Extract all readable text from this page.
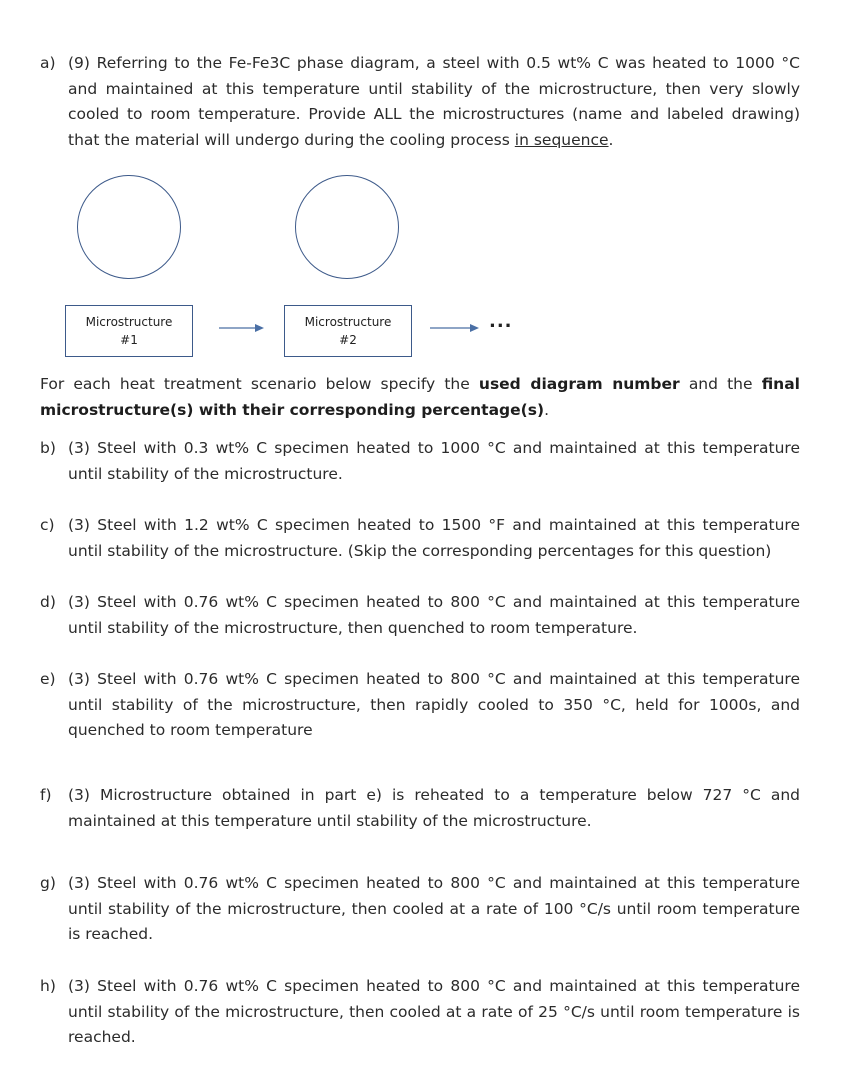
a) (9) Referring to the Fe-Fe3C phase diagram, a steel with 0.5 wt% C was heated to 1000 °C and maintained at this temperature until stability of the microstructure, then very slowly cooled to room temperature. Provide ALL the microstructures (name and labeled drawing) that the material will undergo during the cooling process in sequence.
Microstructure
#1
Microstructure
#2
...
For each heat treatment scenario below specify the used diagram number and the final microstructure(s) with their corresponding percentage(s).
b) (3) Steel with 0.3 wt% C specimen heated to 1000 °C and maintained at this temperature until stability of the microstructure.
c) (3) Steel with 1.2 wt% C specimen heated to 1500 °F and maintained at this temperature until stability of the microstructure. (Skip the corresponding percentages for this question)
d) (3) Steel with 0.76 wt% C specimen heated to 800 °C and maintained at this temperature until stability of the microstructure, then quenched to room temperature.
e) (3) Steel with 0.76 wt% C specimen heated to 800 °C and maintained at this temperature until stability of the microstructure, then rapidly cooled to 350 °C, held for 1000s, and quenched to room temperature
f) (3) Microstructure obtained in part e) is reheated to a temperature below 727 °C and maintained at this temperature until stability of the microstructure.
g) (3) Steel with 0.76 wt% C specimen heated to 800 °C and maintained at this temperature until stability of the microstructure, then cooled at a rate of 100 °C/s until room temperature is reached.
h) (3) Steel with 0.76 wt% C specimen heated to 800 °C and maintained at this temperature until stability of the microstructure, then cooled at a rate of 25 °C/s until room temperature is reached.
